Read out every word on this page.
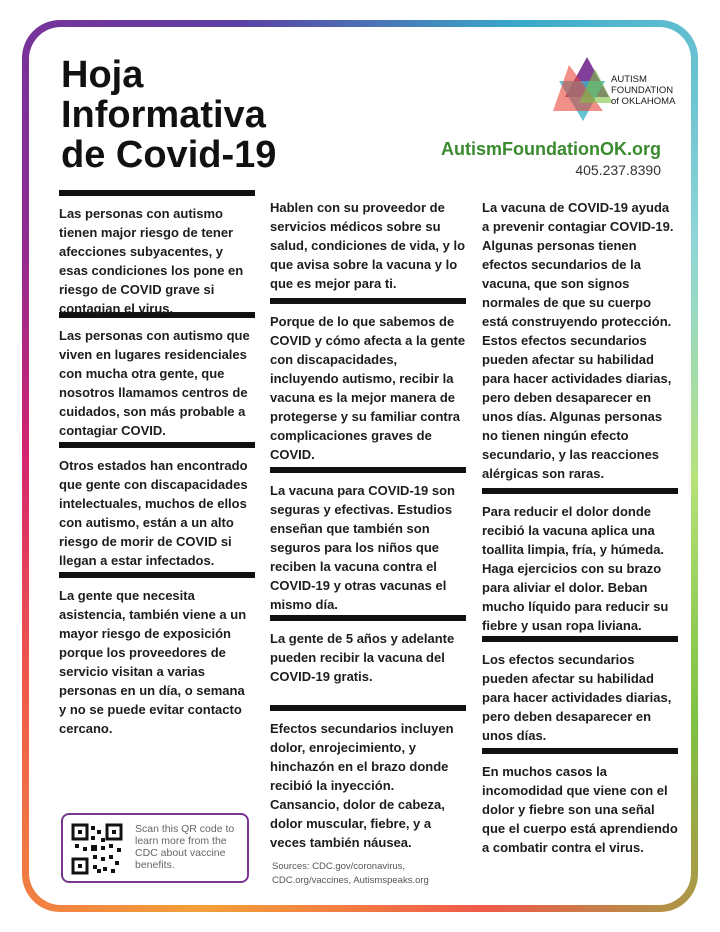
Hoja
Informativa
de Covid-19
AUTISM
FOUNDATION
of OKLAHOMA
AutismFoundationOK.org
405.237.8390

Las personas con autismo tienen major riesgo de tener afecciones subyacentes, y esas condiciones los pone en riesgo de COVID grave si contagian el virus.

Las personas con autismo que viven en lugares residenciales con mucha otra gente, que nosotros llamamos centros de cuidados, son más probable a contagiar COVID.

Otros estados han encontrado que gente con discapacidades intelectuales, muchos de ellos con autismo, están a un alto riesgo de morir de COVID si llegan a estar infectados.

La gente que necesita asistencia, también viene a un mayor riesgo de exposición porque los proveedores de servicio visitan a varias personas en un día, o semana y no se puede evitar contacto cercano.

Hablen con su proveedor de servicios médicos sobre su salud, condiciones de vida, y lo que avisa sobre la vacuna y lo que es mejor para ti.

Porque de lo que sabemos de COVID y cómo afecta a la gente con discapacidades, incluyendo autismo, recibir la vacuna es la mejor manera de protegerse y su familiar contra complicaciones graves de COVID.

La vacuna para COVID-19 son seguras y efectivas. Estudios enseñan que también son seguros para los niños que reciben la vacuna contra el COVID-19 y otras vacunas el mismo día.

La gente de 5 años y adelante pueden recibir la vacuna del COVID-19 gratis.

Efectos secundarios incluyen dolor, enrojecimiento, y hinchazón en el brazo donde recibió la inyección. Cansancio, dolor de cabeza, dolor muscular, fiebre, y a veces también náusea.

La vacuna de COVID-19 ayuda a prevenir contagiar COVID-19. Algunas personas tienen efectos secundarios de la vacuna, que son signos normales de que su cuerpo está construyendo protección. Estos efectos secundarios pueden afectar su habilidad para hacer actividades diarias, pero deben desaparecer en unos días. Algunas personas no tienen ningún efecto secundario, y las reacciones alérgicas son raras.

Para reducir el dolor donde recibió la vacuna aplica una toallita limpia, fría, y húmeda. Haga ejercicios con su brazo para aliviar el dolor. Beban mucho líquido para reducir su fiebre y usan ropa liviana.

Los efectos secundarios pueden afectar su habilidad para hacer actividades diarias, pero deben desaparecer en unos días.

En muchos casos la incomodidad que viene con el dolor y fiebre son una señal que el cuerpo está aprendiendo a combatir contra el virus.

Scan this QR code to learn more from the CDC about vaccine benefits.	Sources: CDC.gov/coronavirus,
CDC.org/vaccines, Autismspeaks.org
